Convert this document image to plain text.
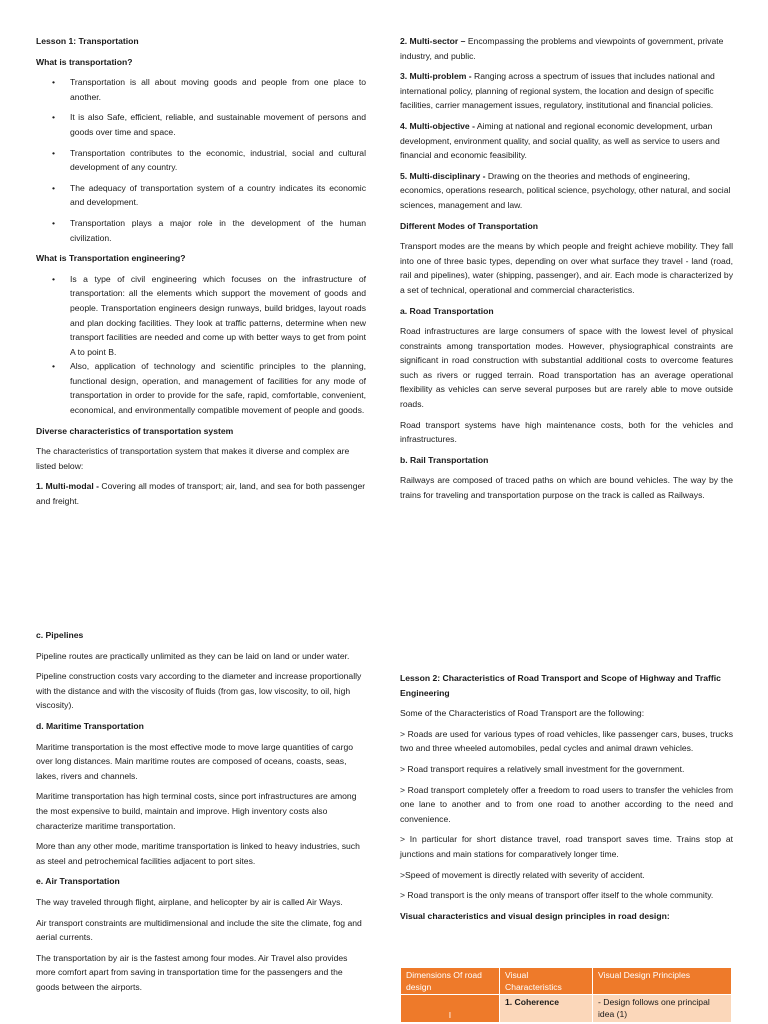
Lesson 1: Transportation
What is transportation?
• Transportation is all about moving goods and people from one place to another.
• It is also Safe, efficient, reliable, and sustainable movement of persons and goods over time and space.
• Transportation contributes to the economic, industrial, social and cultural development of any country.
• The adequacy of transportation system of a country indicates its economic and development.
• Transportation plays a major role in the development of the human civilization.
What is Transportation engineering?
• Is a type of civil engineering which focuses on the infrastructure of transportation: all the elements which support the movement of goods and people. Transportation engineers design runways, build bridges, layout roads and plan docking facilities. They look at traffic patterns, determine when new transport facilities are needed and come up with better ways to get from point A to point B.
• Also, application of technology and scientific principles to the planning, functional design, operation, and management of facilities for any mode of transportation in order to provide for the safe, rapid, comfortable, convenient, economical, and environmentally compatible movement of people and goods.
Diverse characteristics of transportation system

The characteristics of transportation system that makes it diverse and complex are listed below:

1. Multi-modal - Covering all modes of transport; air, land, and sea for both passenger and freight.

2. Multi-sector – Encompassing the problems and viewpoints of government, private industry, and public.

3. Multi-problem - Ranging across a spectrum of issues that includes national and international policy, planning of regional system, the location and design of specific facilities, carrier management issues, regulatory, institutional and financial policies.

4. Multi-objective - Aiming at national and regional economic development, urban development, environment quality, and social quality, as well as service to users and financial and economic feasibility.

5. Multi-disciplinary - Drawing on the theories and methods of engineering, economics, operations research, political science, psychology, other natural, and social sciences, management and law.

Different Modes of Transportation

Transport modes are the means by which people and freight achieve mobility. They fall into one of three basic types, depending on over what surface they travel - land (road, rail and pipelines), water (shipping, passenger), and air. Each mode is characterized by a set of technical, operational and commercial characteristics.

a. Road Transportation

Road infrastructures are large consumers of space with the lowest level of physical constraints among transportation modes. However, physiographical constraints are significant in road construction with substantial additional costs to overcome features such as rivers or rugged terrain. Road transportation has an average operational flexibility as vehicles can serve several purposes but are rarely able to move outside roads.

Road transport systems have high maintenance costs, both for the vehicles and infrastructures.

b. Rail Transportation

Railways are composed of traced paths on which are bound vehicles. The way by the trains for traveling and transportation purpose on the track is called as Railways.

c. Pipelines

Pipeline routes are practically unlimited as they can be laid on land or under water.

Pipeline construction costs vary according to the diameter and increase proportionally with the distance and with the viscosity of fluids (from gas, low viscosity, to oil, high viscosity).

d. Maritime Transportation

Maritime transportation is the most effective mode to move large quantities of cargo over long distances. Main maritime routes are composed of oceans, coasts, seas, lakes, rivers and channels.

Maritime transportation has high terminal costs, since port infrastructures are among the most expensive to build, maintain and improve. High inventory costs also characterize maritime transportation.

More than any other mode, maritime transportation is linked to heavy industries, such as steel and petrochemical facilities adjacent to port sites.

e. Air Transportation

The way traveled through flight, airplane, and helicopter by air is called Air Ways.

Air transport constraints are multidimensional and include the site the climate, fog and aerial currents.

The transportation by air is the fastest among four modes. Air Travel also provides more comfort apart from saving in transportation time for the passengers and the goods between the airports.

Lesson 2: Characteristics of Road Transport and Scope of Highway and Traffic Engineering

Some of the Characteristics of Road Transport are the following:

> Roads are used for various types of road vehicles, like passenger cars, buses, trucks two and three wheeled automobiles, pedal cycles and animal drawn vehicles.

> Road transport requires a relatively small investment for the government.

> Road transport completely offer a freedom to road users to transfer the vehicles from one lane to another and to from one road to another according to the need and convenience.

> In particular for short distance travel, road transport saves time. Trains stop at junctions and main stations for comparatively longer time.

>Speed of movement is directly related with severity of accident.

> Road transport is the only means of transport offer itself to the whole community.

Visual characteristics and visual design principles in road design:
Dimensions Of road design	Visual Characteristics	Visual Design Principles
I	1. Coherence	- Design follows one principal idea (1)
